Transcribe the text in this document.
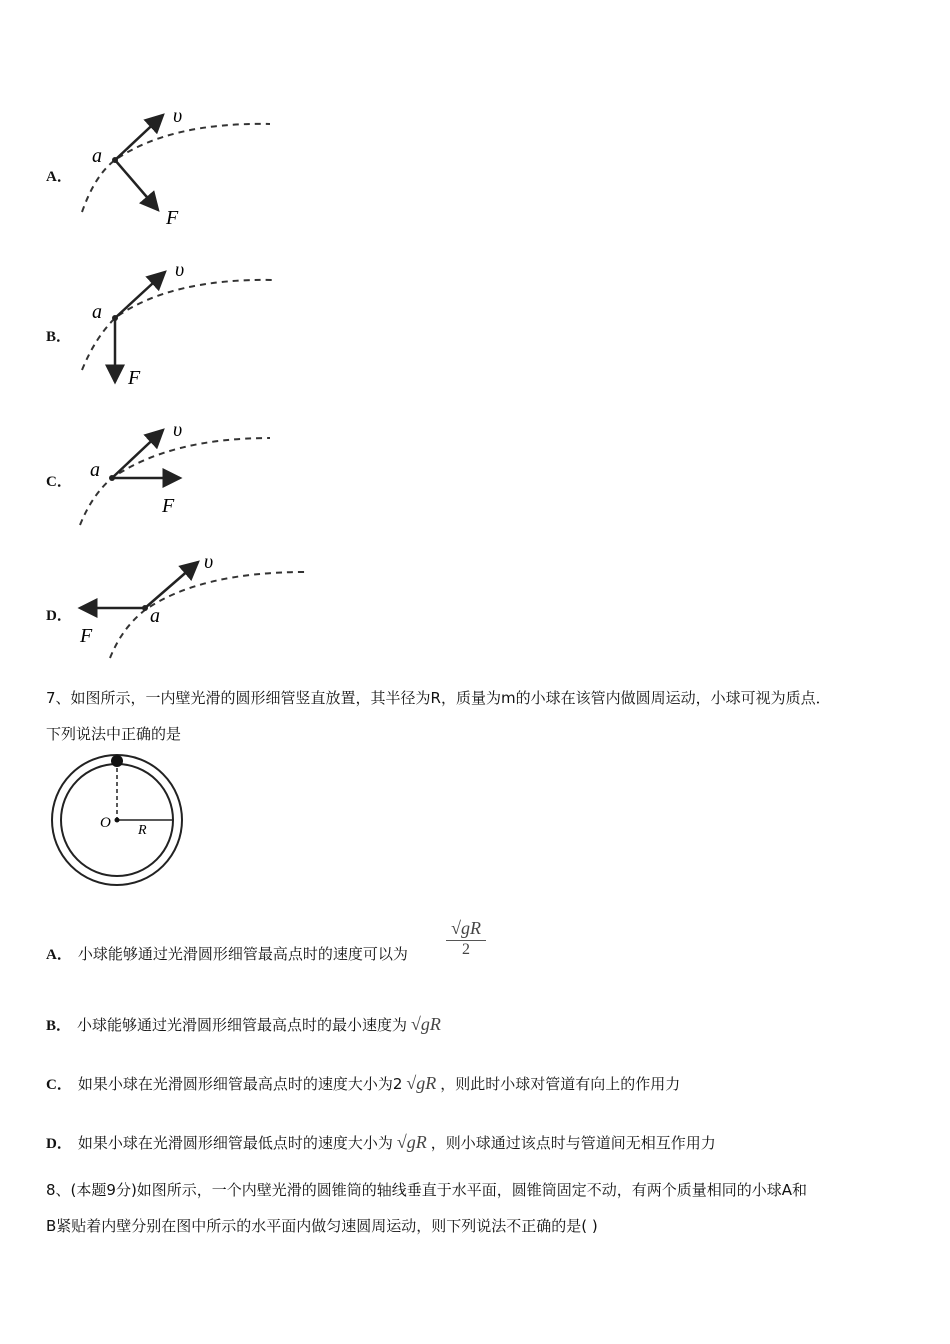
A．
a
υ
F
B．
a
υ
F
C．
a
υ
F
D．	a
υ
F
7、如图所示，一内壁光滑的圆形细管竖直放置，其半径为R，质量为m的小球在该管内做圆周运动，小球可视为质点．
下列说法中正确的是
O R
A． 小球能够通过光滑圆形细管最高点时的速度可以为
√gR
2
B． 小球能够通过光滑圆形细管最高点时的最小速度为 √gR
C． 如果小球在光滑圆形细管最高点时的速度大小为2 √gR ，则此时小球对管道有向上的作用力
D． 如果小球在光滑圆形细管最低点时的速度大小为 √gR ，则小球通过该点时与管道间无相互作用力
8、(本题9分)如图所示，一个内壁光滑的圆锥筒的轴线垂直于水平面，圆锥筒固定不动，有两个质量相同的小球A和
B紧贴着内壁分别在图中所示的水平面内做匀速圆周运动，则下列说法不正确的是( )
